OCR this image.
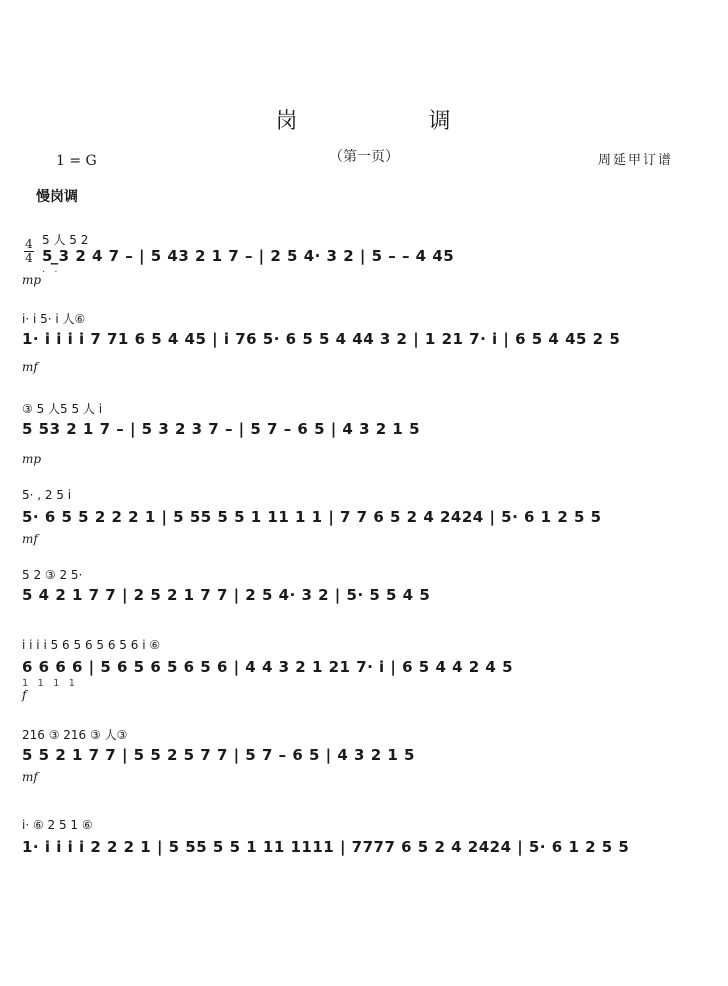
岗 调
（第一页）
1 = G	周延甲订谱
慢岗调
4
4
5 人 5 2
5 ̲3 2 4 7 – | 5 43 2 1 7 – | 2 5 4· 3 2 | 5 – – 4 45
· ·
mp
i· i 5· i 人⑥
1· i i i i 7 71 6 5 4 45 | i 76 5· 6 5 5 4 44 3 2 | 1 21 7· i | 6 5 4 45 2 5
mf
③ 5 人5 5 人 i
5 53 2 1 7 – | 5 3 2 3 7 – | 5 7 – 6 5 | 4 3 2 1 5
mp
5· , 2 5 i
5· 6 5 5 2 2 2 1 | 5 55 5 5 1 11 1 1 | 7 7 6 5 2 4 2424 | 5· 6 1 2 5 5
mf
5 2 ③ 2 5·
5 4 2 1 7 7 | 2 5 2 1 7 7 | 2 5 4· 3 2 | 5· 5 5 4 5
i i i i 5 6 5 6 5 6 5 6 i ⑥
6 6 6 6 | 5 6 5 6 5 6 5 6 | 4 4 3 2 1 21 7· i | 6 5 4 4 2 4 5
1 1 1 1
f
216 ③ 216 ③ 人③
5 5 2 1 7 7 | 5 5 2 5 7 7 | 5 7 – 6 5 | 4 3 2 1 5
mf
i· ⑥ 2 5 1 ⑥
1· i i i i 2 2 2 1 | 5 55 5 5 1 11 1111 | 7777 6 5 2 4 2424 | 5· 6 1 2 5 5
